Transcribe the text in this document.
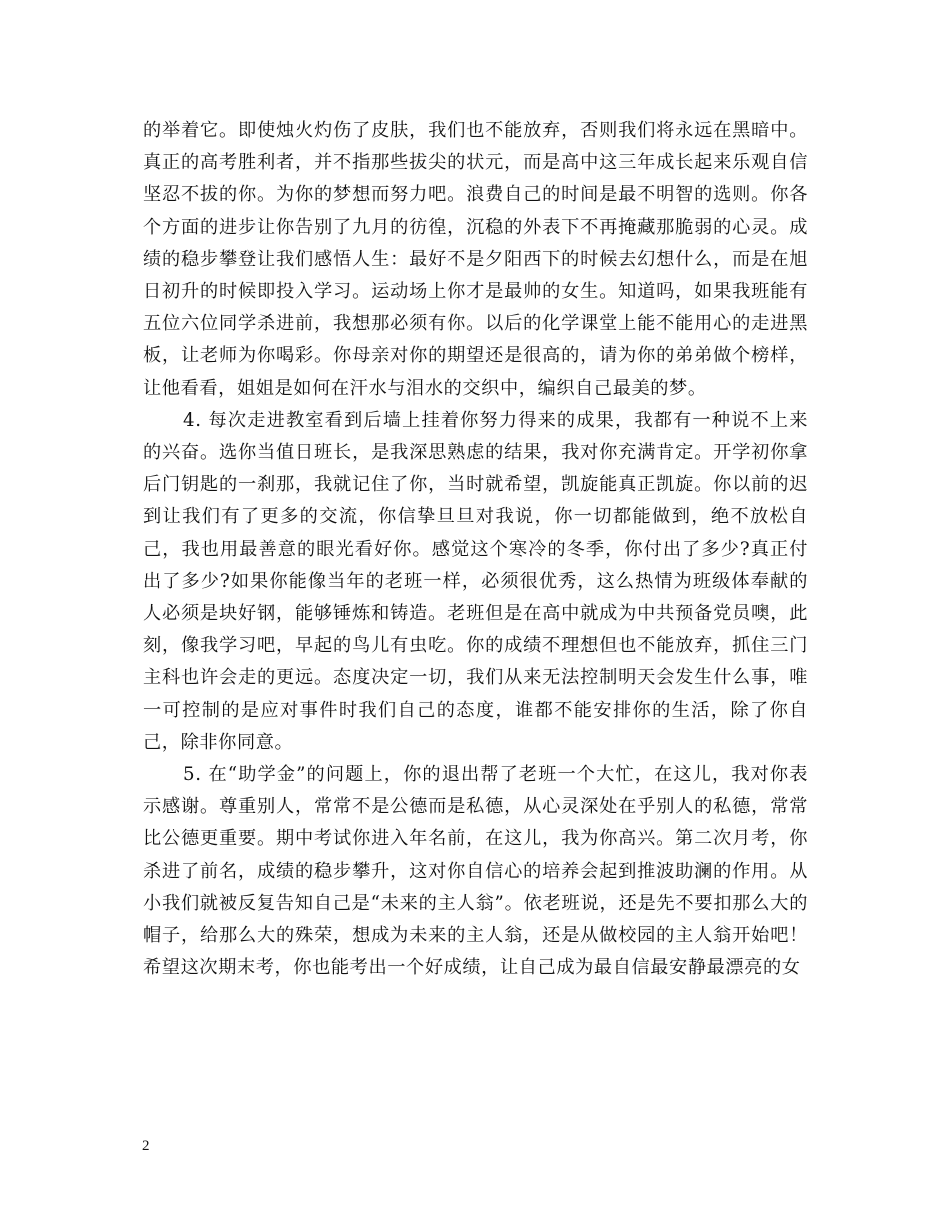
的举着它。即使烛火灼伤了皮肤，我们也不能放弃，否则我们将永远在黑暗中。真正的高考胜利者，并不指那些拔尖的状元，而是高中这三年成长起来乐观自信坚忍不拔的你。为你的梦想而努力吧。浪费自己的时间是最不明智的选则。你各个方面的进步让你告别了九月的彷徨，沉稳的外表下不再掩藏那脆弱的心灵。成绩的稳步攀登让我们感悟人生：最好不是夕阳西下的时候去幻想什么，而是在旭日初升的时候即投入学习。运动场上你才是最帅的女生。知道吗，如果我班能有五位六位同学杀进前，我想那必须有你。以后的化学课堂上能不能用心的走进黑板，让老师为你喝彩。你母亲对你的期望还是很高的，请为你的弟弟做个榜样，让他看看，姐姐是如何在汗水与泪水的交织中，编织自己最美的梦。

4. 每次走进教室看到后墙上挂着你努力得来的成果，我都有一种说不上来的兴奋。选你当值日班长，是我深思熟虑的结果，我对你充满肯定。开学初你拿后门钥匙的一刹那，我就记住了你，当时就希望，凯旋能真正凯旋。你以前的迟到让我们有了更多的交流，你信挚旦旦对我说，你一切都能做到，绝不放松自己，我也用最善意的眼光看好你。感觉这个寒冷的冬季，你付出了多少?真正付出了多少?如果你能像当年的老班一样，必须很优秀，这么热情为班级体奉献的人必须是块好钢，能够锤炼和铸造。老班但是在高中就成为中共预备党员噢，此刻，像我学习吧，早起的鸟儿有虫吃。你的成绩不理想但也不能放弃，抓住三门主科也许会走的更远。态度决定一切，我们从来无法控制明天会发生什么事，唯一可控制的是应对事件时我们自己的态度，谁都不能安排你的生活，除了你自己，除非你同意。

5. 在“助学金”的问题上，你的退出帮了老班一个大忙，在这儿，我对你表示感谢。尊重别人，常常不是公德而是私德，从心灵深处在乎别人的私德，常常比公德更重要。期中考试你进入年名前，在这儿，我为你高兴。第二次月考，你杀进了前名，成绩的稳步攀升，这对你自信心的培养会起到推波助澜的作用。从小我们就被反复告知自己是“未来的主人翁”。依老班说，还是先不要扣那么大的帽子，给那么大的殊荣，想成为未来的主人翁，还是从做校园的主人翁开始吧！希望这次期末考，你也能考出一个好成绩，让自己成为最自信最安静最漂亮的女

2
